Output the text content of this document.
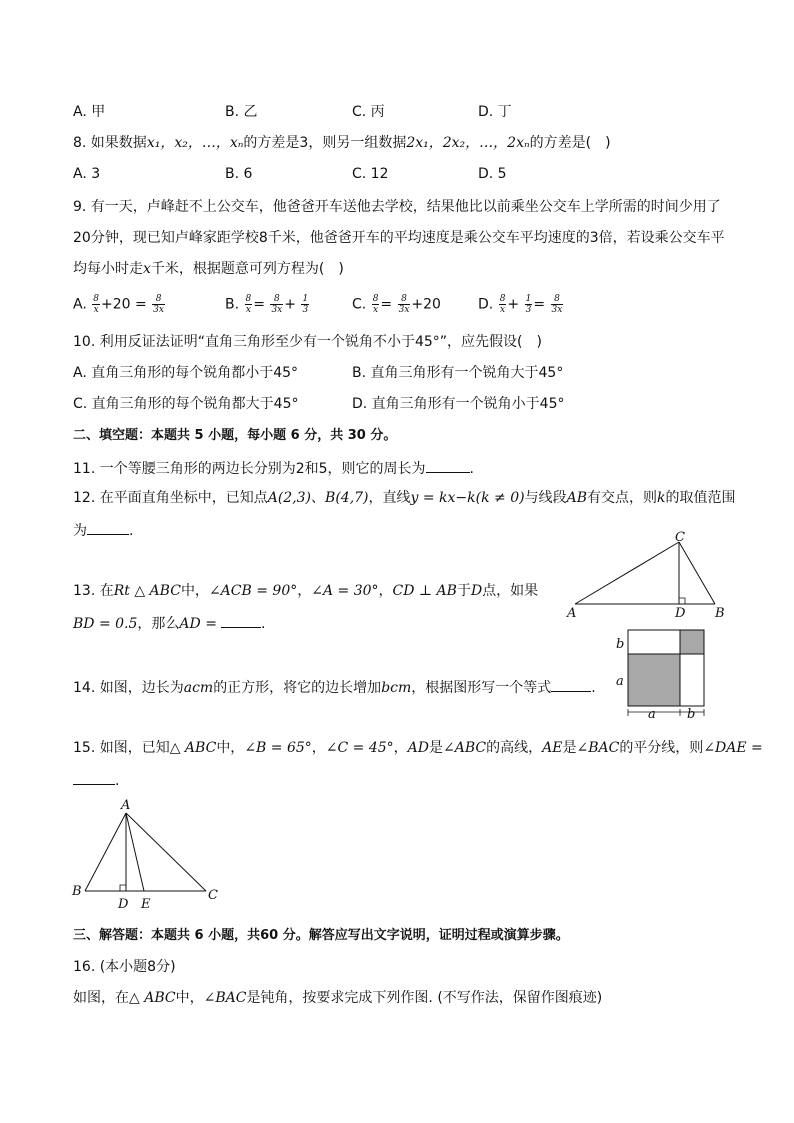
A. 甲	B. 乙	C. 丙	D. 丁
8. 如果数据x₁，x₂，…，xₙ的方差是3，则另一组数据2x₁，2x₂，…，2xₙ的方差是(　)
A. 3	B. 6	C. 12	D. 5
9. 有一天，卢峰赶不上公交车，他爸爸开车送他去学校，结果他比以前乘坐公交车上学所需的时间少用了
20分钟，现已知卢峰家距学校8千米，他爸爸开车的平均速度是乘公交车平均速度的3倍，若设乘公交车平
均每小时走x千米，根据题意可列方程为(　)
A. $\frac{8}{x} +20 = \frac{8}{3x}$	B. $\frac{8}{x} = \frac{8}{3x} + \frac{1}{3}$	C. $\frac{8}{x} = \frac{8}{3x} +20$	D. $\frac{8}{x} + \frac{1}{3} = \frac{8}{3x}$
10. 利用反证法证明“直角三角形至少有一个锐角不小于45°”，应先假设(　)
A. 直角三角形的每个锐角都小于45°	B. 直角三角形有一个锐角大于45°
C. 直角三角形的每个锐角都大于45°	D. 直角三角形有一个锐角小于45°
二、填空题：本题共 5 小题，每小题 6 分，共 30 分。
11. 一个等腰三角形的两边长分别为2和5，则它的周长为	.
12. 在平面直角坐标中，已知点A(2,3)、B(4,7)，直线y = kx−k(k ≠ 0)与线段AB有交点，则k的取值范围
为	.
13. 在Rt △ ABC中，∠ACB = 90°，∠A = 30°，CD ⊥ AB于D点，如果
BD = 0.5，那么AD =	.
C
A	D B
14. 如图，边长为acm的正方形，将它的边长增加bcm，根据图形写一个等式	.
b
a
a b
15. 如图，已知△ ABC中，∠B = 65°，∠C = 45°，AD是∠ABC的高线，AE是∠BAC的平分线，则∠DAE =
.
A
B	C
D E
三、解答题：本题共 6 小题，共60 分。解答应写出文字说明，证明过程或演算步骤。
16. (本小题8分)
如图，在△ ABC中，∠BAC是钝角，按要求完成下列作图. (不写作法，保留作图痕迹)
